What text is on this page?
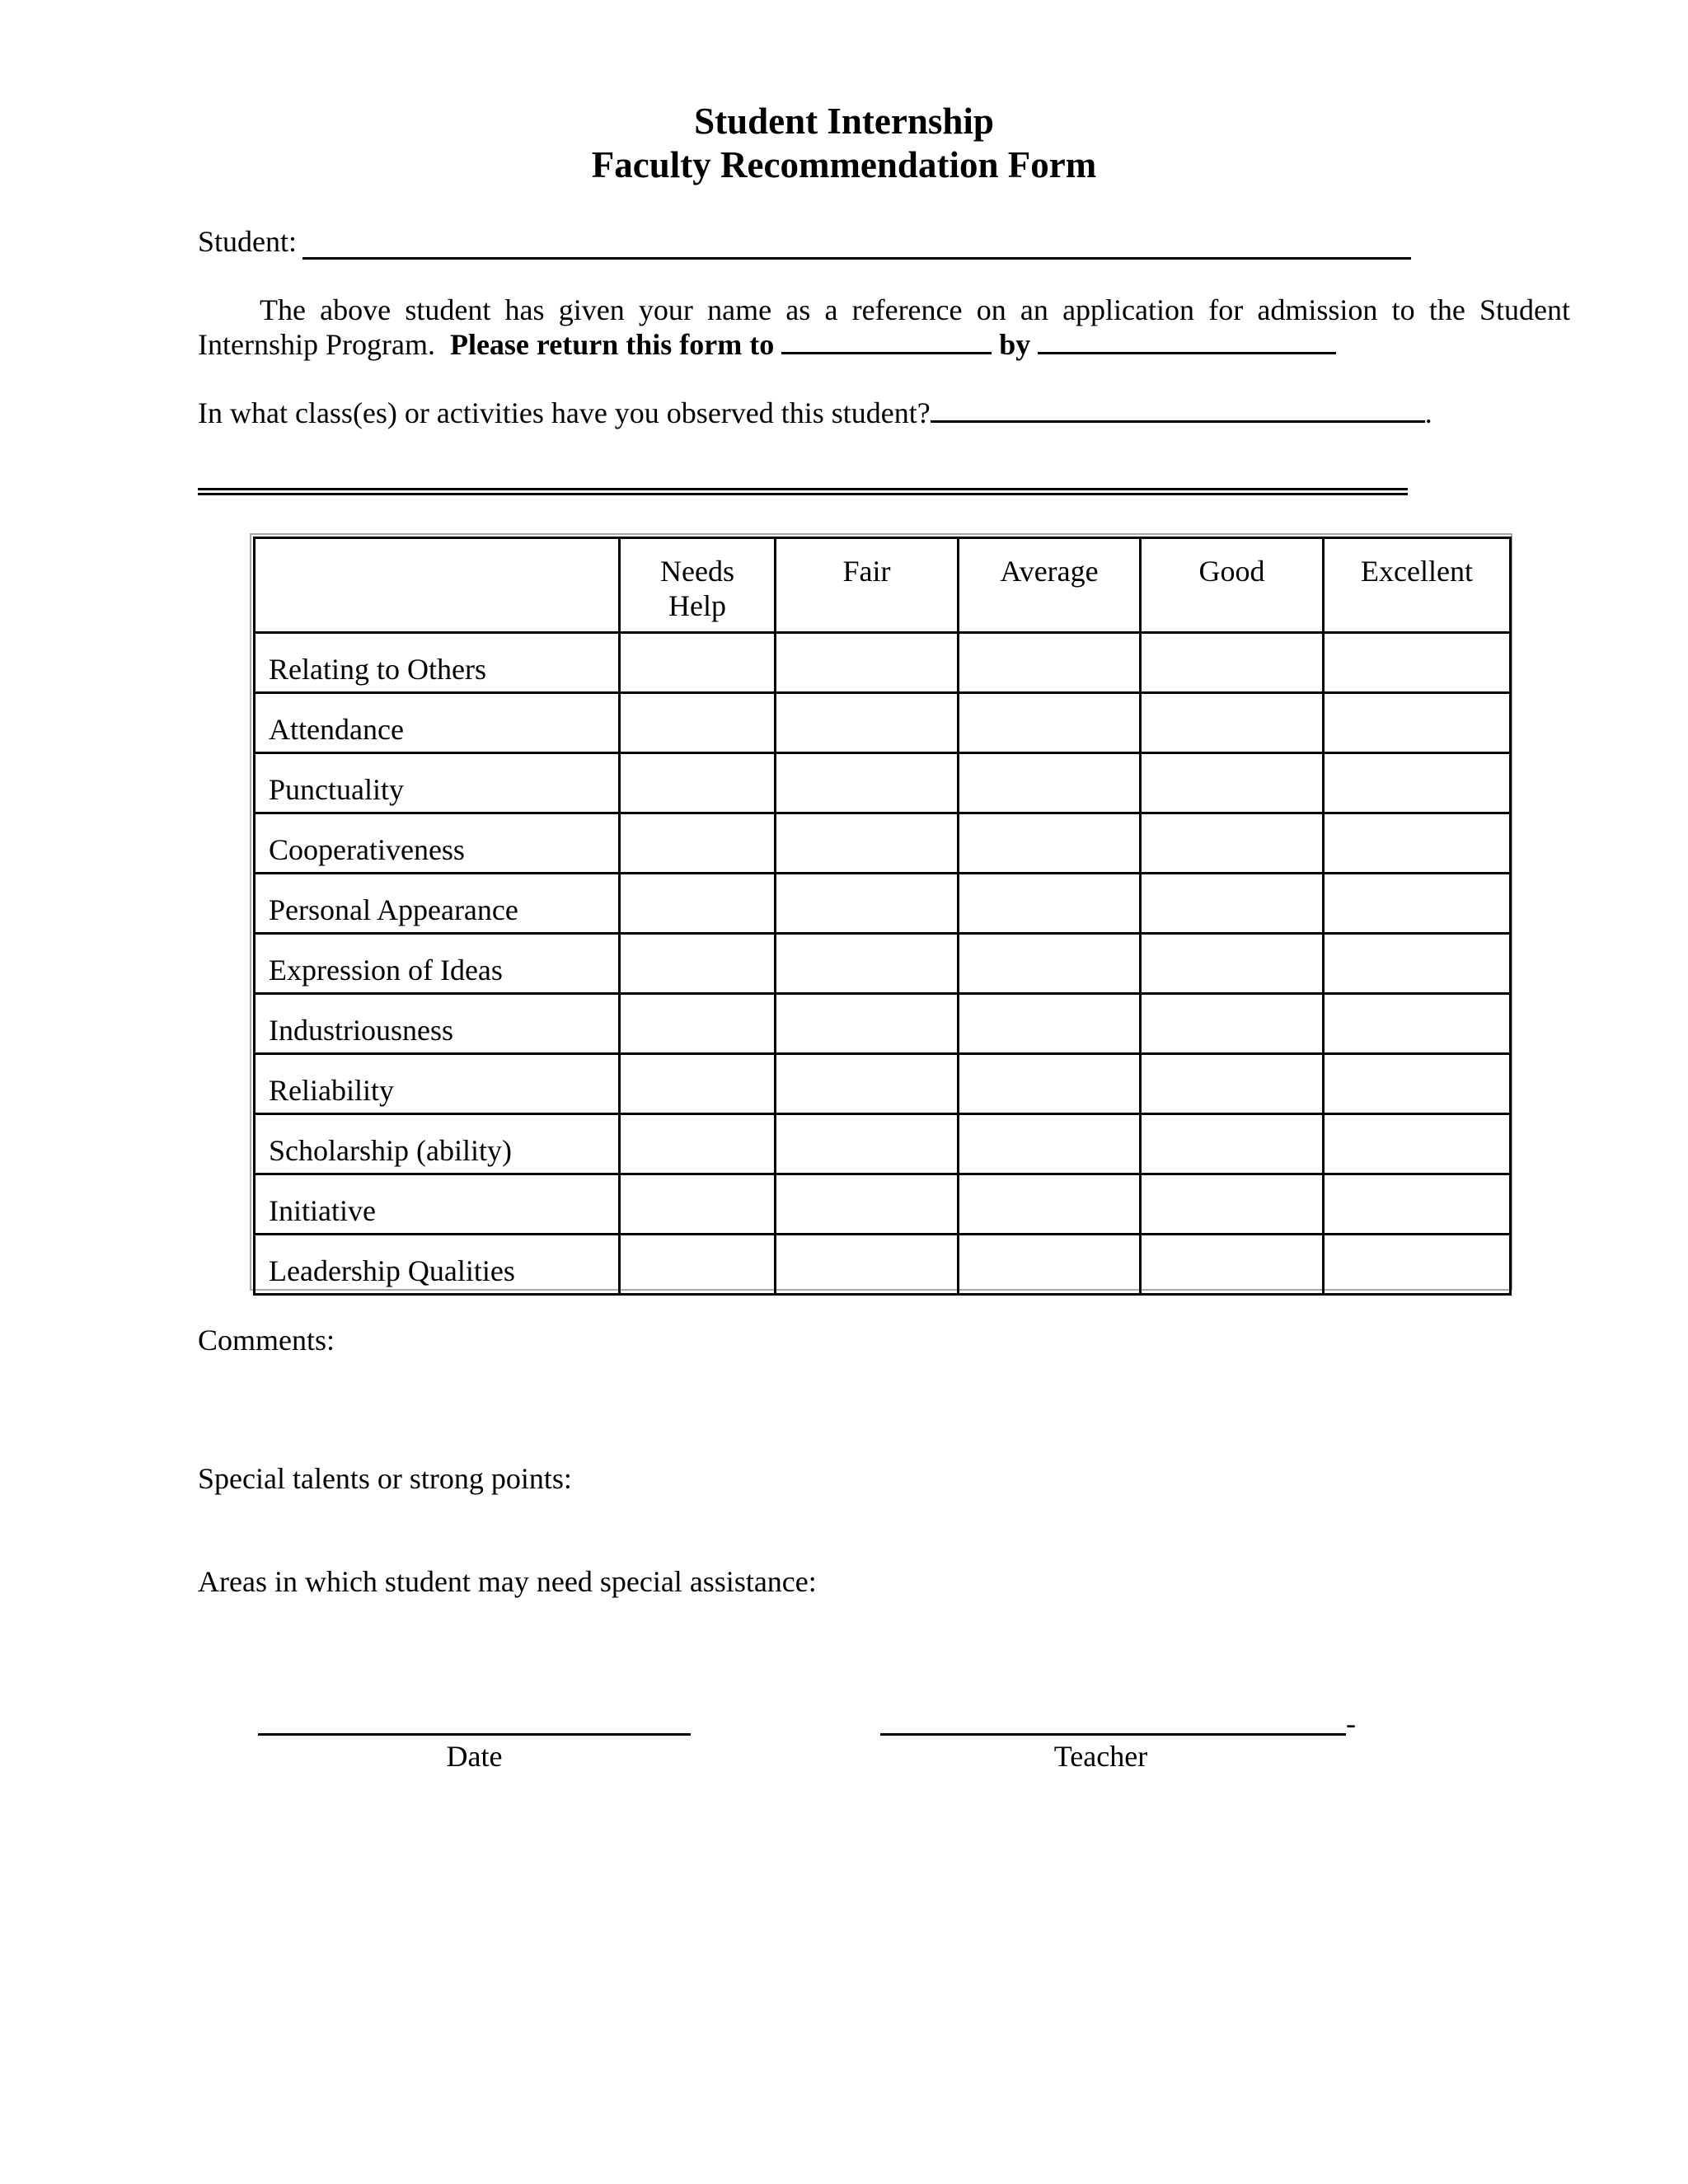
Student Internship
Faculty Recommendation Form
Student:

The above student has given your name as a reference on an application for admission to the Student Internship Program. Please return this form to	by

In what class(es) or activities have you observed this student?	.
	Needs Help	Fair	Average	Good	Excellent
Relating to Others					
Attendance					
Punctuality					
Cooperativeness					
Personal Appearance					
Expression of Ideas					
Industriousness					
Reliability					
Scholarship (ability)					
Initiative					
Leadership Qualities					
Comments:
Special talents or strong points:
Areas in which student may need special assistance:
Date
-
Teacher
